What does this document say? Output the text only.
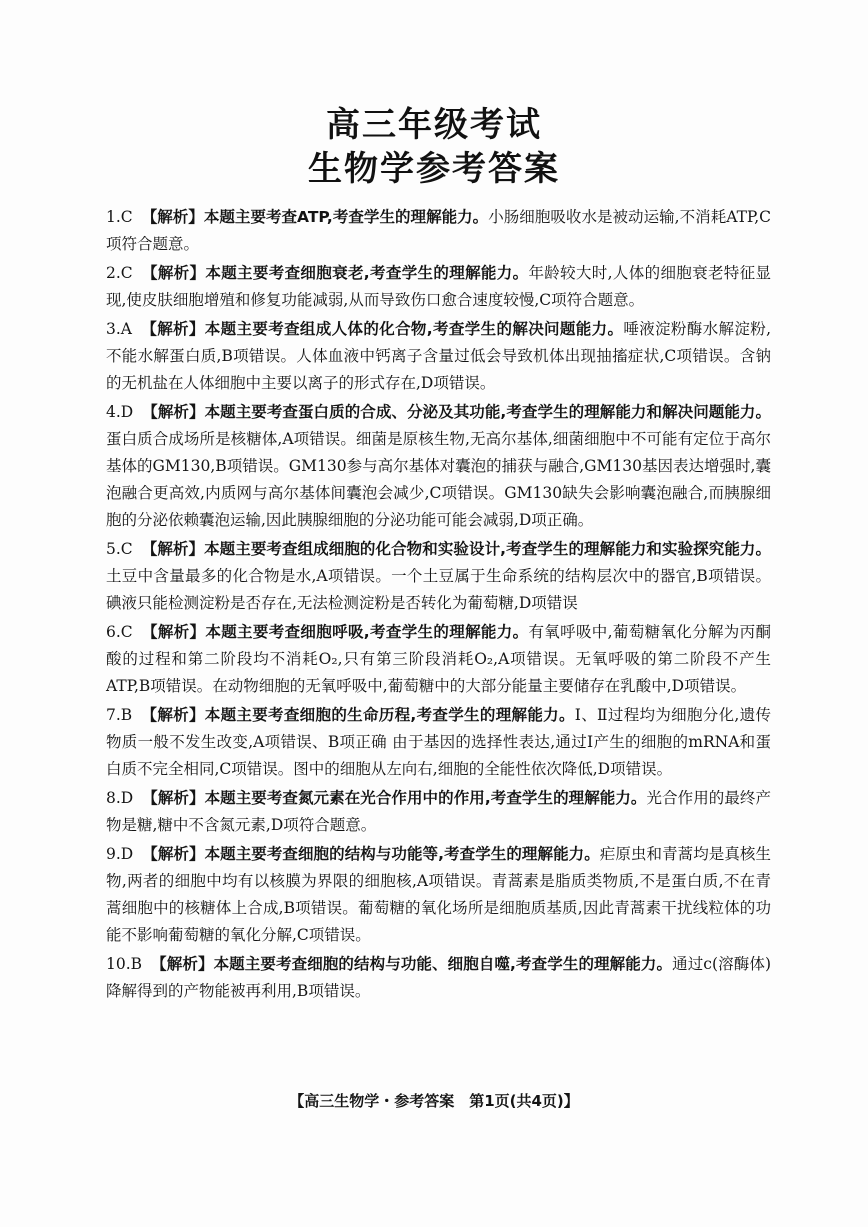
高三年级考试
生物学参考答案

1.C 【解析】本题主要考查ATP,考查学生的理解能力。小肠细胞吸收水是被动运输,不消耗ATP,C项符合题意。

2.C 【解析】本题主要考查细胞衰老,考查学生的理解能力。年龄较大时,人体的细胞衰老特征显现,使皮肤细胞增殖和修复功能减弱,从而导致伤口愈合速度较慢,C项符合题意。

3.A 【解析】本题主要考查组成人体的化合物,考查学生的解决问题能力。唾液淀粉酶水解淀粉,不能水解蛋白质,B项错误。人体血液中钙离子含量过低会导致机体出现抽搐症状,C项错误。含钠的无机盐在人体细胞中主要以离子的形式存在,D项错误。

4.D 【解析】本题主要考查蛋白质的合成、分泌及其功能,考查学生的理解能力和解决问题能力。蛋白质合成场所是核糖体,A项错误。细菌是原核生物,无高尔基体,细菌细胞中不可能有定位于高尔基体的GM130,B项错误。GM130参与高尔基体对囊泡的捕获与融合,GM130基因表达增强时,囊泡融合更高效,内质网与高尔基体间囊泡会减少,C项错误。GM130缺失会影响囊泡融合,而胰腺细胞的分泌依赖囊泡运输,因此胰腺细胞的分泌功能可能会减弱,D项正确。

5.C 【解析】本题主要考查组成细胞的化合物和实验设计,考查学生的理解能力和实验探究能力。土豆中含量最多的化合物是水,A项错误。一个土豆属于生命系统的结构层次中的器官,B项错误。碘液只能检测淀粉是否存在,无法检测淀粉是否转化为葡萄糖,D项错误

6.C 【解析】本题主要考查细胞呼吸,考查学生的理解能力。有氧呼吸中,葡萄糖氧化分解为丙酮酸的过程和第二阶段均不消耗O₂,只有第三阶段消耗O₂,A项错误。无氧呼吸的第二阶段不产生ATP,B项错误。在动物细胞的无氧呼吸中,葡萄糖中的大部分能量主要储存在乳酸中,D项错误。

7.B 【解析】本题主要考查细胞的生命历程,考查学生的理解能力。Ⅰ、Ⅱ过程均为细胞分化,遗传物质一般不发生改变,A项错误、B项正确 由于基因的选择性表达,通过Ⅰ产生的细胞的mRNA和蛋白质不完全相同,C项错误。图中的细胞从左向右,细胞的全能性依次降低,D项错误。

8.D 【解析】本题主要考查氮元素在光合作用中的作用,考查学生的理解能力。光合作用的最终产物是糖,糖中不含氮元素,D项符合题意。

9.D 【解析】本题主要考查细胞的结构与功能等,考查学生的理解能力。疟原虫和青蒿均是真核生物,两者的细胞中均有以核膜为界限的细胞核,A项错误。青蒿素是脂质类物质,不是蛋白质,不在青蒿细胞中的核糖体上合成,B项错误。葡萄糖的氧化场所是细胞质基质,因此青蒿素干扰线粒体的功能不影响葡萄糖的氧化分解,C项错误。

10.B 【解析】本题主要考查细胞的结构与功能、细胞自噬,考查学生的理解能力。通过c(溶酶体)降解得到的产物能被再利用,B项错误。

【高三生物学・参考答案　第1页(共4页)】
